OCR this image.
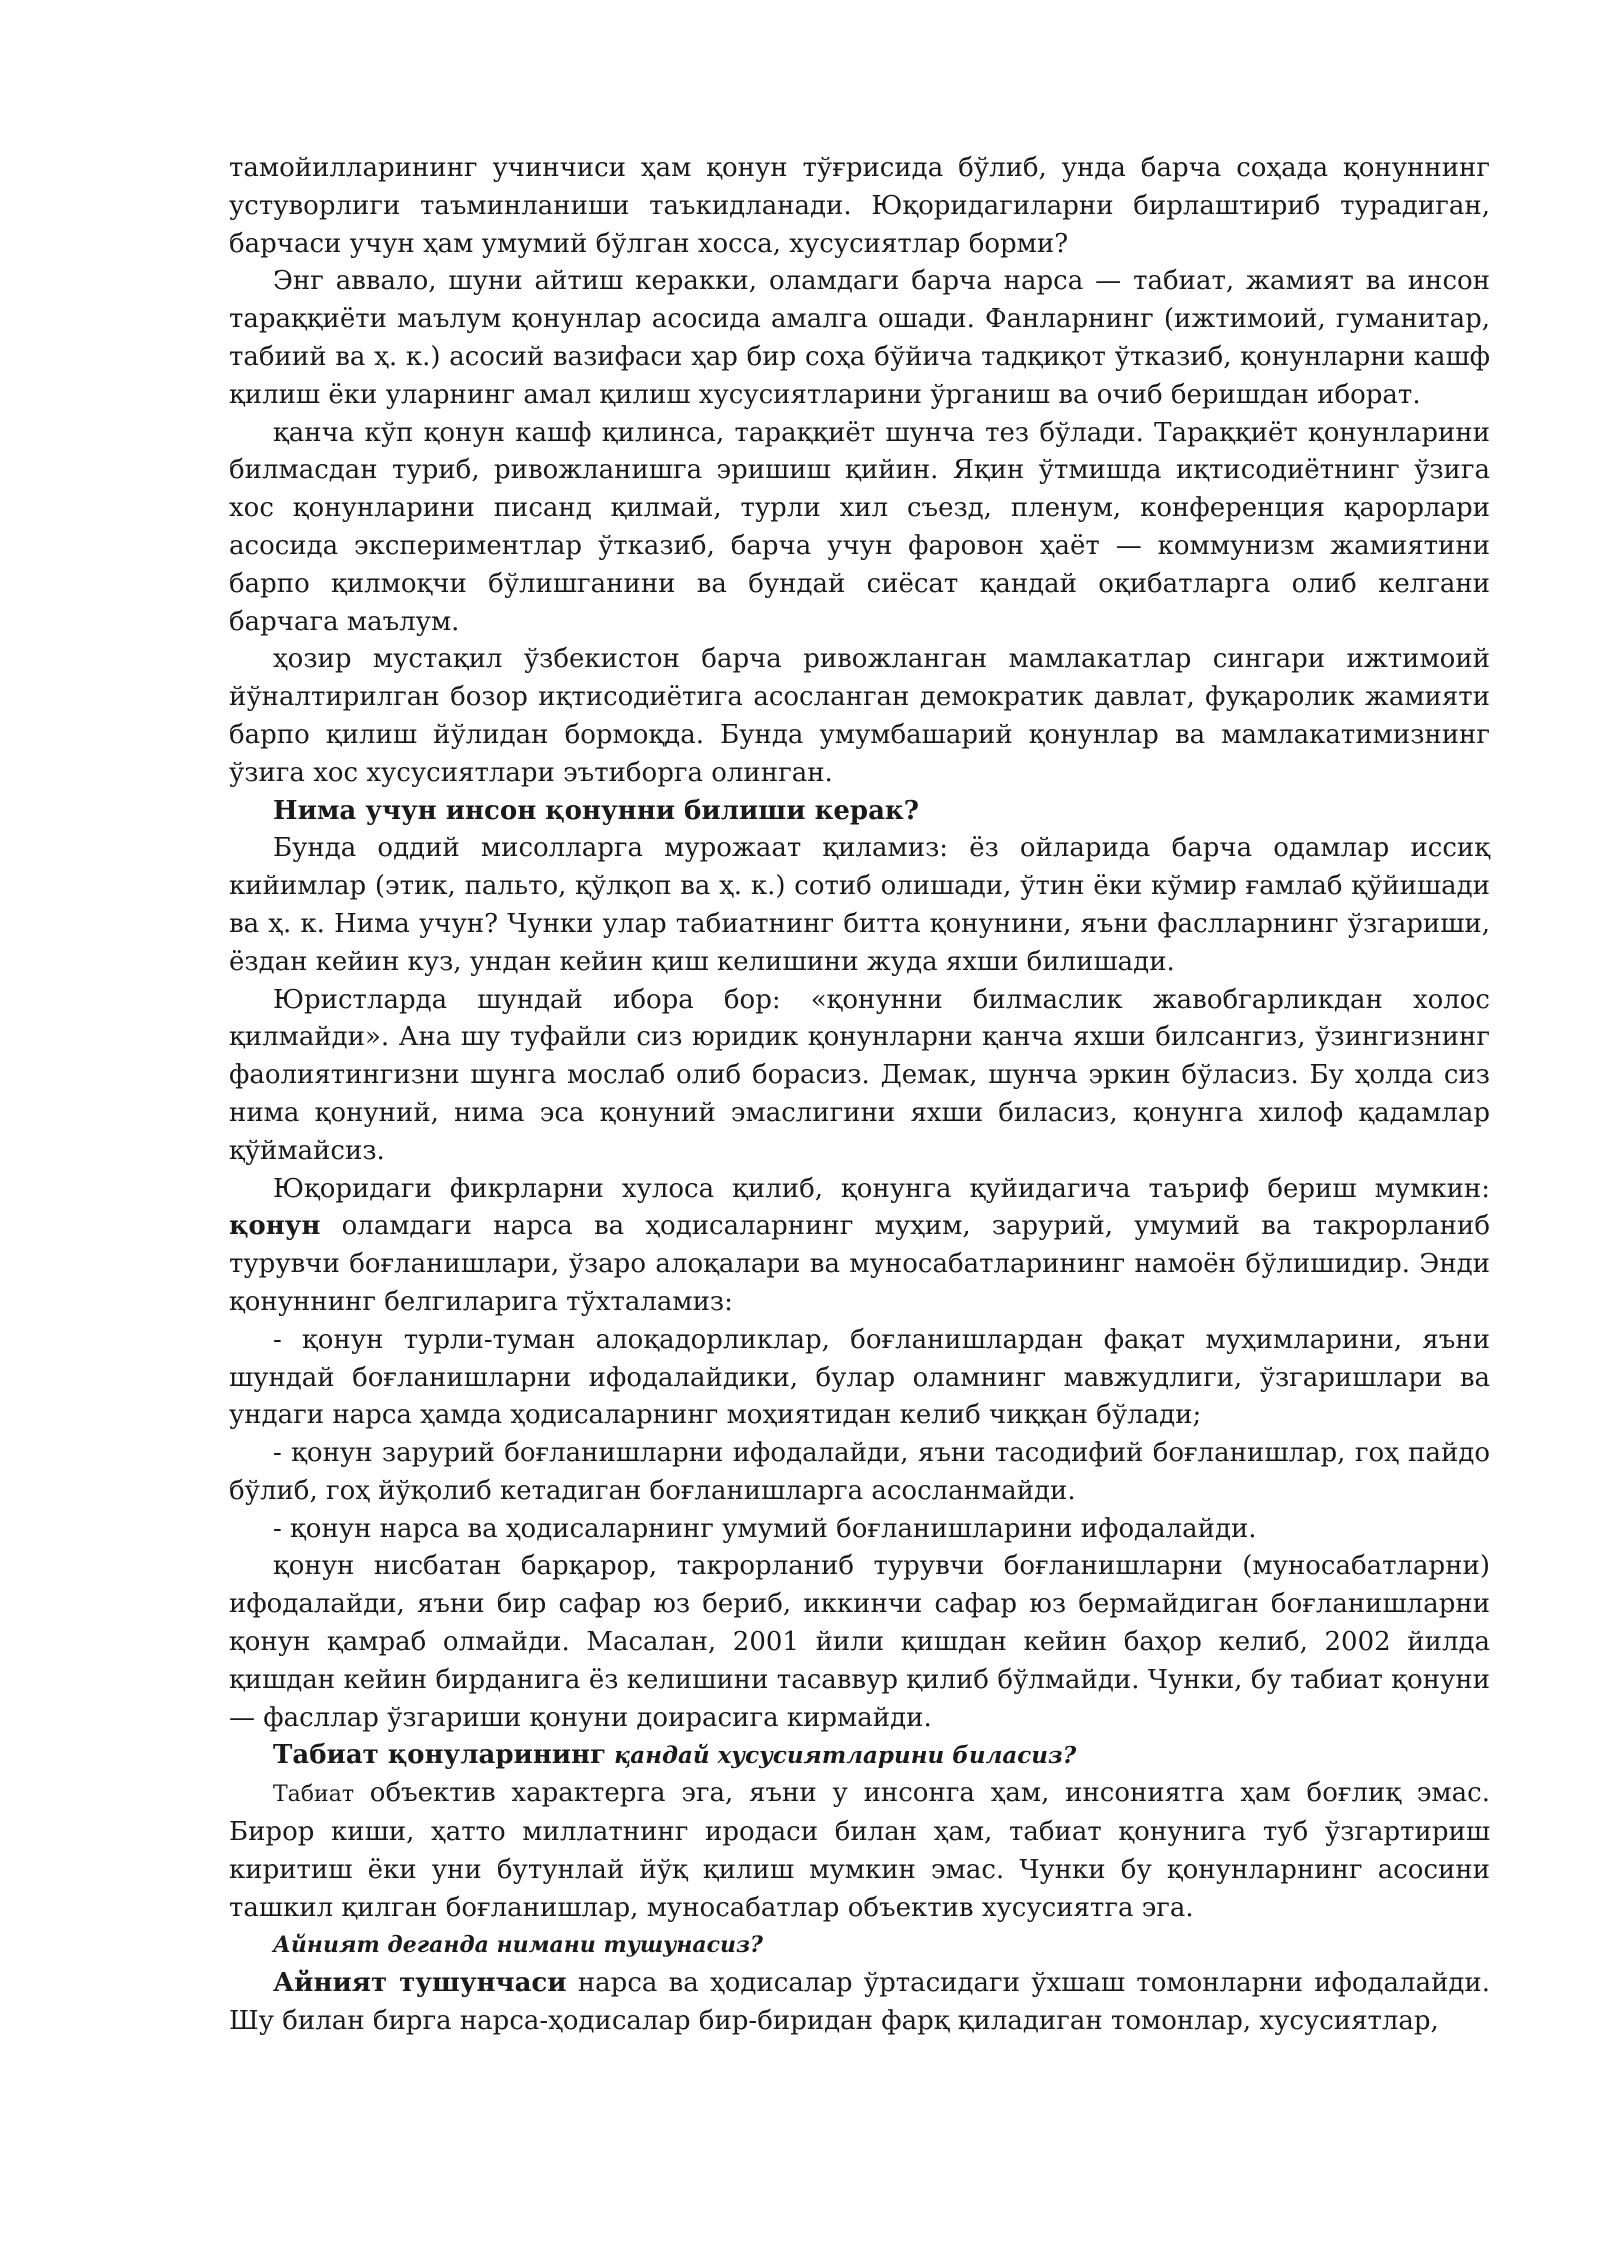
тамойилларининг учинчиси ҳам қонун тўғрисида бўлиб, унда барча соҳада қонуннинг устуворлиги таъминланиши таъкидланади. Юқоридагиларни бирлаштириб турадиган, барчаси учун ҳам умумий бўлган хосса, хусусиятлар борми?

Энг аввало, шуни айтиш керакки, оламдаги барча нарса — табиат, жамият ва инсон тараққиёти маълум қонунлар асосида амалга ошади. Фанларнинг (ижтимоий, гуманитар, табиий ва ҳ. к.) асосий вазифаси ҳар бир соҳа бўйича тадқиқот ўтказиб, қонунларни кашф қилиш ёки уларнинг амал қилиш хусусиятларини ўрганиш ва очиб беришдан иборат.

қанча кўп қонун кашф қилинса, тараққиёт шунча тез бўлади. Тараққиёт қонунларини билмасдан туриб, ривожланишга эришиш қийин. Яқин ўтмишда иқтисодиётнинг ўзига хос қонунларини писанд қилмай, турли хил съезд, пленум, конференция қарорлари асосида экспериментлар ўтказиб, барча учун фаровон ҳаёт — коммунизм жамиятини барпо қилмоқчи бўлишганини ва бундай сиёсат қандай оқибатларга олиб келгани барчага маълум.

ҳозир мустақил ўзбекистон барча ривожланган мамлакатлар сингари ижтимоий йўналтирилган бозор иқтисодиётига асосланган демократик давлат, фуқаролик жамияти барпо қилиш йўлидан бормоқда. Бунда умумбашарий қонунлар ва мамлакатимизнинг ўзига хос хусусиятлари эътиборга олинган.

Нима учун инсон қонунни билиши керак?

Бунда оддий мисолларга мурожаат қиламиз: ёз ойларида барча одамлар иссиқ кийимлар (этик, пальто, қўлқоп ва ҳ. к.) сотиб олишади, ўтин ёки кўмир ғамлаб қўйишади ва ҳ. к. Нима учун? Чунки улар табиатнинг битта қонунини, яъни фаслларнинг ўзгариши, ёздан кейин куз, ундан кейин қиш келишини жуда яхши билишади.

Юристларда шундай ибора бор: «қонунни билмаслик жавобгарликдан холос қилмайди». Ана шу туфайли сиз юридик қонунларни қанча яхши билсангиз, ўзингизнинг фаолиятингизни шунга мослаб олиб борасиз. Демак, шунча эркин бўласиз. Бу ҳолда сиз нима қонуний, нима эса қонуний эмаслигини яхши биласиз, қонунга хилоф қадамлар қўймайсиз.

Юқоридаги фикрларни хулоса қилиб, қонунга қуйидагича таъриф бериш мумкин: қонун оламдаги нарса ва ҳодисаларнинг муҳим, зарурий, умумий ва такрорланиб турувчи боғланишлари, ўзаро алоқалари ва муносабатларининг намоён бўлишидир. Энди қонуннинг белгиларига тўхталамиз:

- қонун турли-туман алоқадорликлар, боғланишлардан фақат муҳимларини, яъни шундай боғланишларни ифодалайдики, булар оламнинг мавжудлиги, ўзгаришлари ва ундаги нарса ҳамда ҳодисаларнинг моҳиятидан келиб чиққан бўлади;

- қонун зарурий боғланишларни ифодалайди, яъни тасодифий боғланишлар, гоҳ пайдо бўлиб, гоҳ йўқолиб кетадиган боғланишларга асосланмайди.

- қонун нарса ва ҳодисаларнинг умумий боғланишларини ифодалайди.

қонун нисбатан барқарор, такрорланиб турувчи боғланишларни (муносабатларни) ифодалайди, яъни бир сафар юз бериб, иккинчи сафар юз бермайдиган боғланишларни қонун қамраб олмайди. Масалан, 2001 йили қишдан кейин баҳор келиб, 2002 йилда қишдан кейин бирданига ёз келишини тасаввур қилиб бўлмайди. Чунки, бу табиат қонуни — фасллар ўзгариши қонуни доирасига кирмайди.

Табиат қонуларининг қандай хусусиятларини биласиз?

Табиат объектив характерга эга, яъни у инсонга ҳам, инсониятга ҳам боғлиқ эмас. Бирор киши, ҳатто миллатнинг иродаси билан ҳам, табиат қонунига туб ўзгартириш киритиш ёки уни бутунлай йўқ қилиш мумкин эмас. Чунки бу қонунларнинг асосини ташкил қилган боғланишлар, муносабатлар объектив хусусиятга эга.

Айният деганда нимани тушунасиз?

Айният тушунчаси нарса ва ҳодисалар ўртасидаги ўхшаш томонларни ифодалайди. Шу билан бирга нарса-ҳодисалар бир-биридан фарқ қиладиган томонлар, хусусиятлар,
